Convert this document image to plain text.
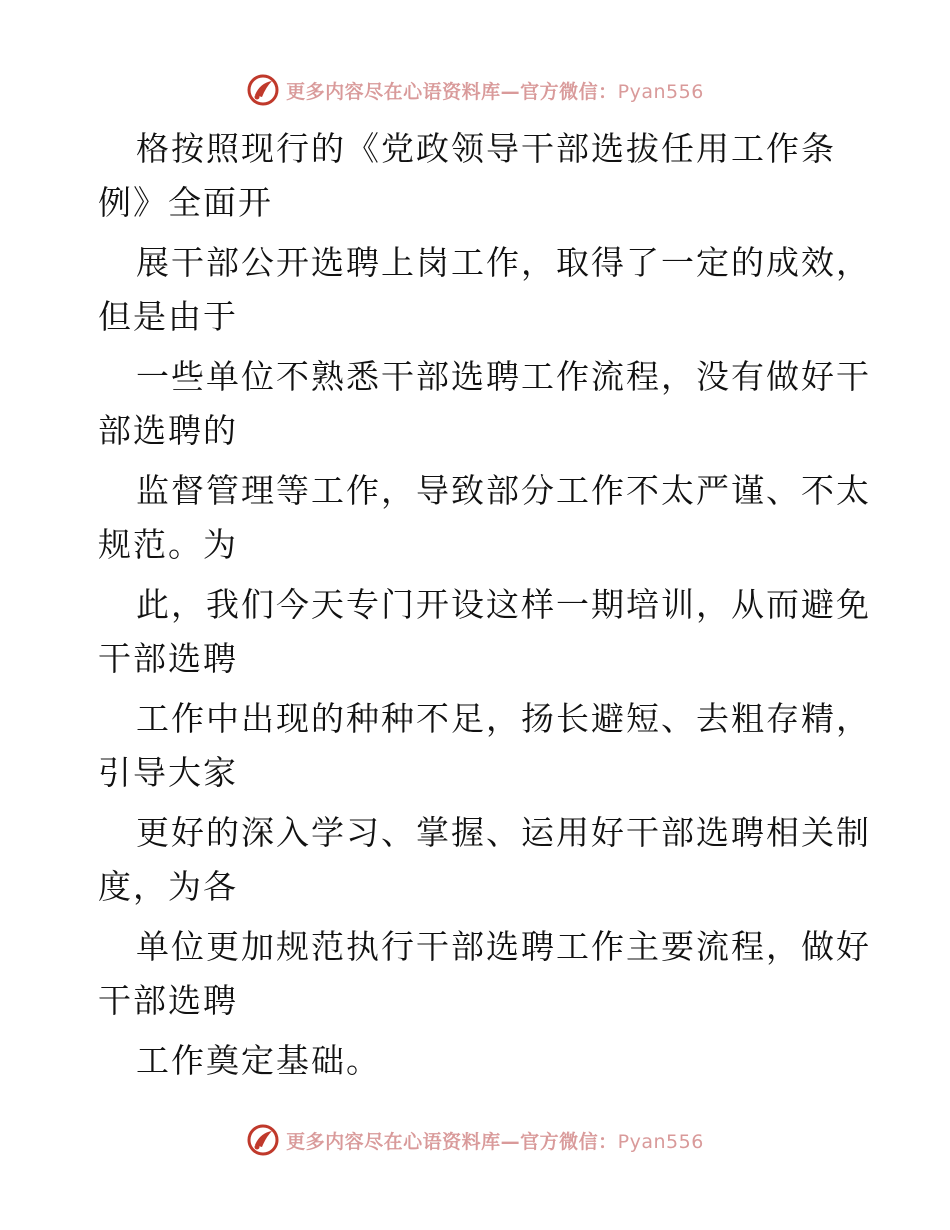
更多内容尽在心语资料库—官方微信：Pyan556

格按照现行的《党政领导干部选拔任用工作条
例》全面开

展干部公开选聘上岗工作，取得了一定的成效，
但是由于

一些单位不熟悉干部选聘工作流程，没有做好干
部选聘的

监督管理等工作，导致部分工作不太严谨、不太
规范。为

此，我们今天专门开设这样一期培训，从而避免
干部选聘

工作中出现的种种不足，扬长避短、去粗存精，
引导大家

更好的深入学习、掌握、运用好干部选聘相关制
度，为各

单位更加规范执行干部选聘工作主要流程，做好
干部选聘

工作奠定基础。

更多内容尽在心语资料库—官方微信：Pyan556
